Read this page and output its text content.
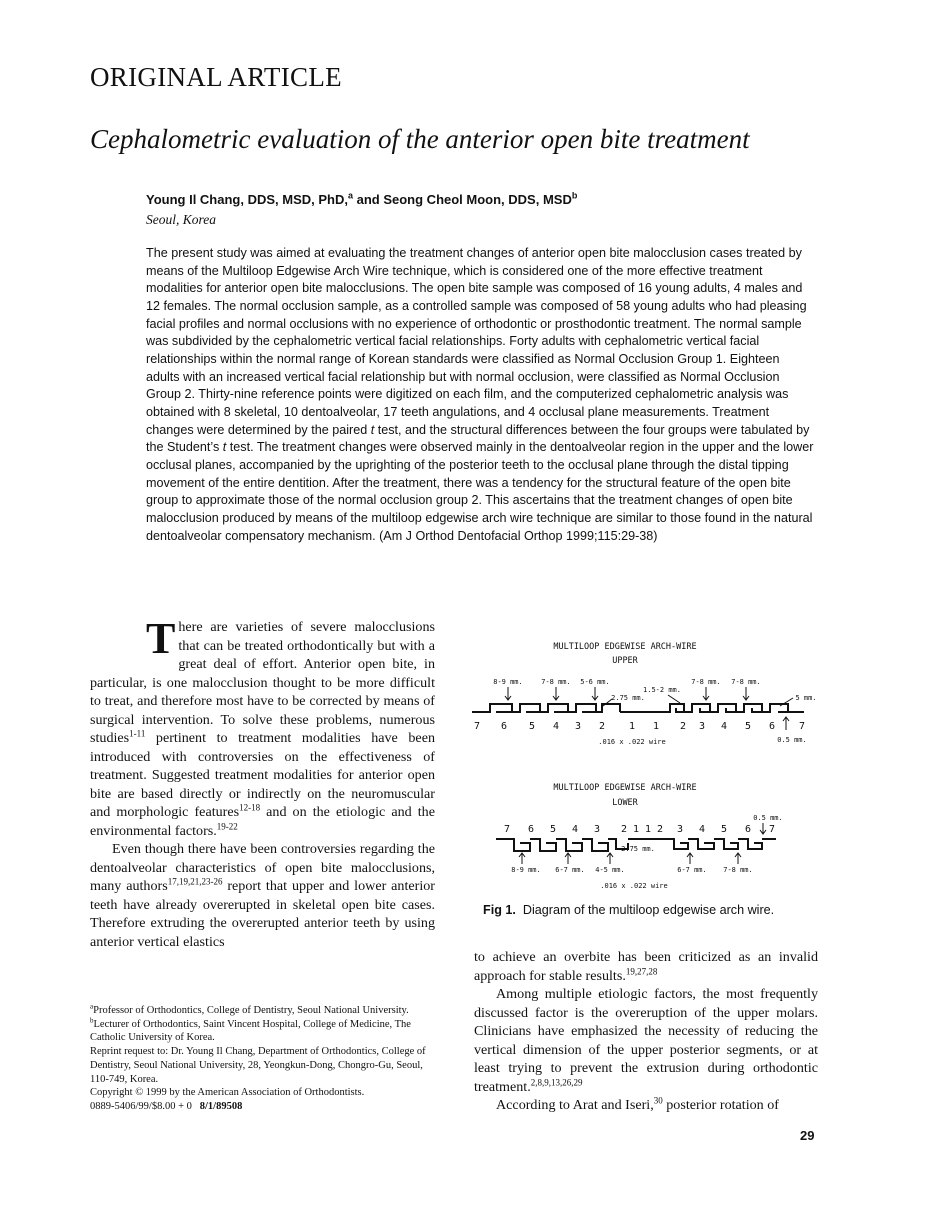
ORIGINAL ARTICLE
Cephalometric evaluation of the anterior open bite treatment
Young Il Chang, DDS, MSD, PhD,$^a$ and Seong Cheol Moon, DDS, MSD$^b$
Seoul, Korea
The present study was aimed at evaluating the treatment changes of anterior open bite malocclusion cases treated by means of the Multiloop Edgewise Arch Wire technique, which is considered one of the more effective treatment modalities for anterior open bite malocclusions. The open bite sample was composed of 16 young adults, 4 males and 12 females. The normal occlusion sample, as a controlled sample was composed of 58 young adults who had pleasing facial profiles and normal occlusions with no experience of orthodontic or prosthodontic treatment. The normal sample was subdivided by the cephalometric vertical facial relationships. Forty adults with cephalometric vertical facial relationships within the normal range of Korean standards were classified as Normal Occlusion Group 1. Eighteen adults with an increased vertical facial relationship but with normal occlusion, were classified as Normal Occlusion Group 2. Thirty-nine reference points were digitized on each film, and the computerized cephalometric analysis was obtained with 8 skeletal, 10 dentoalveolar, 17 teeth angulations, and 4 occlusal plane measurements. Treatment changes were determined by the paired t test, and the structural differences between the four groups were tabulated by the Student’s t test. The treatment changes were observed mainly in the dentoalveolar region in the upper and the lower occlusal planes, accompanied by the uprighting of the posterior teeth to the occlusal plane through the distal tipping movement of the entire dentition. After the treatment, there was a tendency for the structural feature of the open bite group to approximate those of the normal occlusion group 2. This ascertains that the treatment changes of open bite malocclusion produced by means of the multiloop edgewise arch wire technique are similar to those found in the natural dentoalveolar compensatory mechanism. (Am J Orthod Dentofacial Orthop 1999;115:29-38)

There are varieties of severe malocclusions that can be treated orthodontically but with a great deal of effort. Anterior open bite, in particular, is one malocclusion thought to be more difficult to treat, and therefore most have to be corrected by means of surgical intervention. To solve these problems, numerous studies$^{1-11}$ pertinent to treatment modalities have been introduced with controversies on the effectiveness of treatment. Suggested treatment modalities for anterior open bite are based directly or indirectly on the neuromuscular and morphologic features$^{12-18}$ and on the etiologic and the environmental factors.$^{19-22}$

Even though there have been controversies regarding the dentoalveolar characteristics of open bite malocclusions, many authors$^{17,19,21,23-26}$ report that upper and lower anterior teeth have already overerupted in skeletal open bite cases. Therefore extruding the overerupted anterior teeth by using anterior vertical elastics

MULTILOOP EDGEWISE ARCH-WIRE
UPPER
8-9 mm.	7-8 mm. 5-6 mm.
1.5-2 mm.
7-8 mm. 7-8 mm.
2.75 mm.	5 mm.
7 6 5 4 3 2 1 1 2 3 4 5 6 7
0.5 mm.
.016 x .022 wire
MULTILOOP EDGEWISE ARCH-WIRE
LOWER
0.5 mm.
7 6 5 4 3 2 1 1 2 3 4 5 6 7
2.75 mm.
8-9 mm. 6-7 mm. 4-5 mm.	6-7 mm. 7-8 mm.
.016 x .022 wire
Fig 1. Diagram of the multiloop edgewise arch wire.

to achieve an overbite has been criticized as an invalid approach for stable results.$^{19,27,28}$

Among multiple etiologic factors, the most frequently discussed factor is the overeruption of the upper molars. Clinicians have emphasized the necessity of reducing the vertical dimension of the upper posterior segments, or at least trying to prevent the extrusion during orthodontic treatment.$^{2,8,9,13,26,29}$

According to Arat and Iseri,$^{30}$ posterior rotation of

$^a$Professor of Orthodontics, College of Dentistry, Seoul National University.
$^b$Lecturer of Orthodontics, Saint Vincent Hospital, College of Medicine, The Catholic University of Korea.
Reprint request to: Dr. Young Il Chang, Department of Orthodontics, College of Dentistry, Seoul National University, 28, Yeongkun-Dong, Chongro-Gu, Seoul, 110-749, Korea.
Copyright © 1999 by the American Association of Orthodontists.
0889-5406/99/$8.00 + 0 8/1/89508
29
